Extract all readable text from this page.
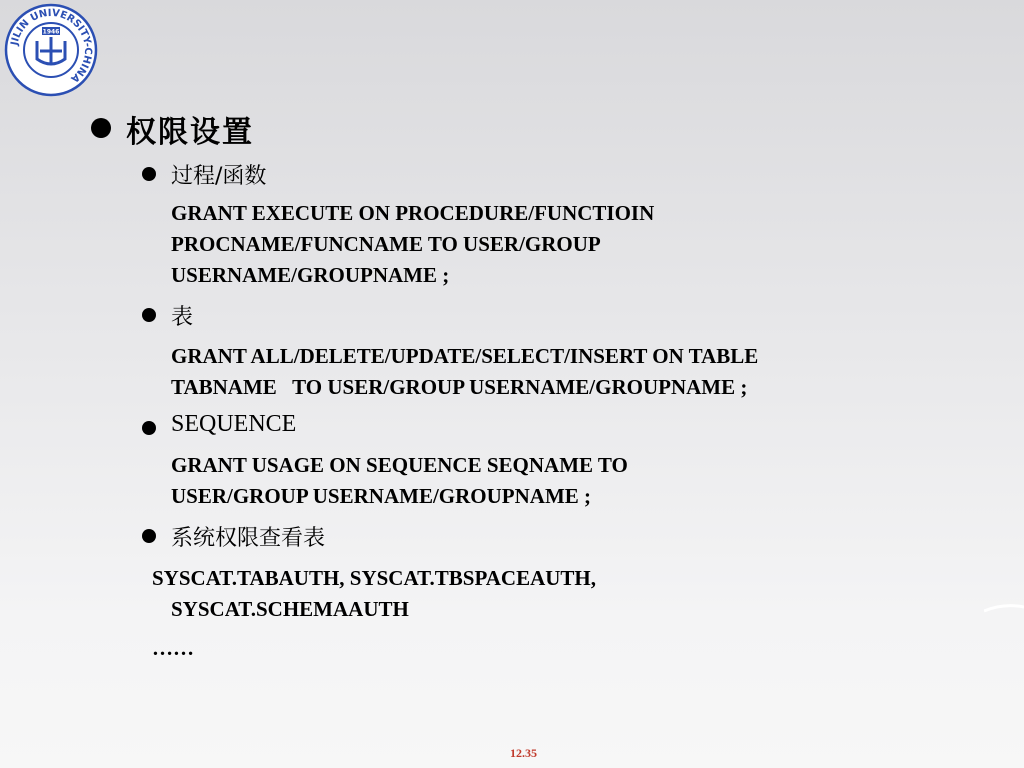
JILIN UNIVERSITY-CHINA
1946
权限设置
过程/函数
GRANT EXECUTE ON PROCEDURE/FUNCTIOIN
PROCNAME/FUNCNAME TO USER/GROUP
USERNAME/GROUPNAME ;
表
GRANT ALL/DELETE/UPDATE/SELECT/INSERT ON TABLE
TABNAME   TO USER/GROUP USERNAME/GROUPNAME ;
SEQUENCE
GRANT USAGE ON SEQUENCE SEQNAME TO
USER/GROUP USERNAME/GROUPNAME ;
系统权限查看表
SYSCAT.TABAUTH, SYSCAT.TBSPACEAUTH,
SYSCAT.SCHEMAAUTH
……
12.35
